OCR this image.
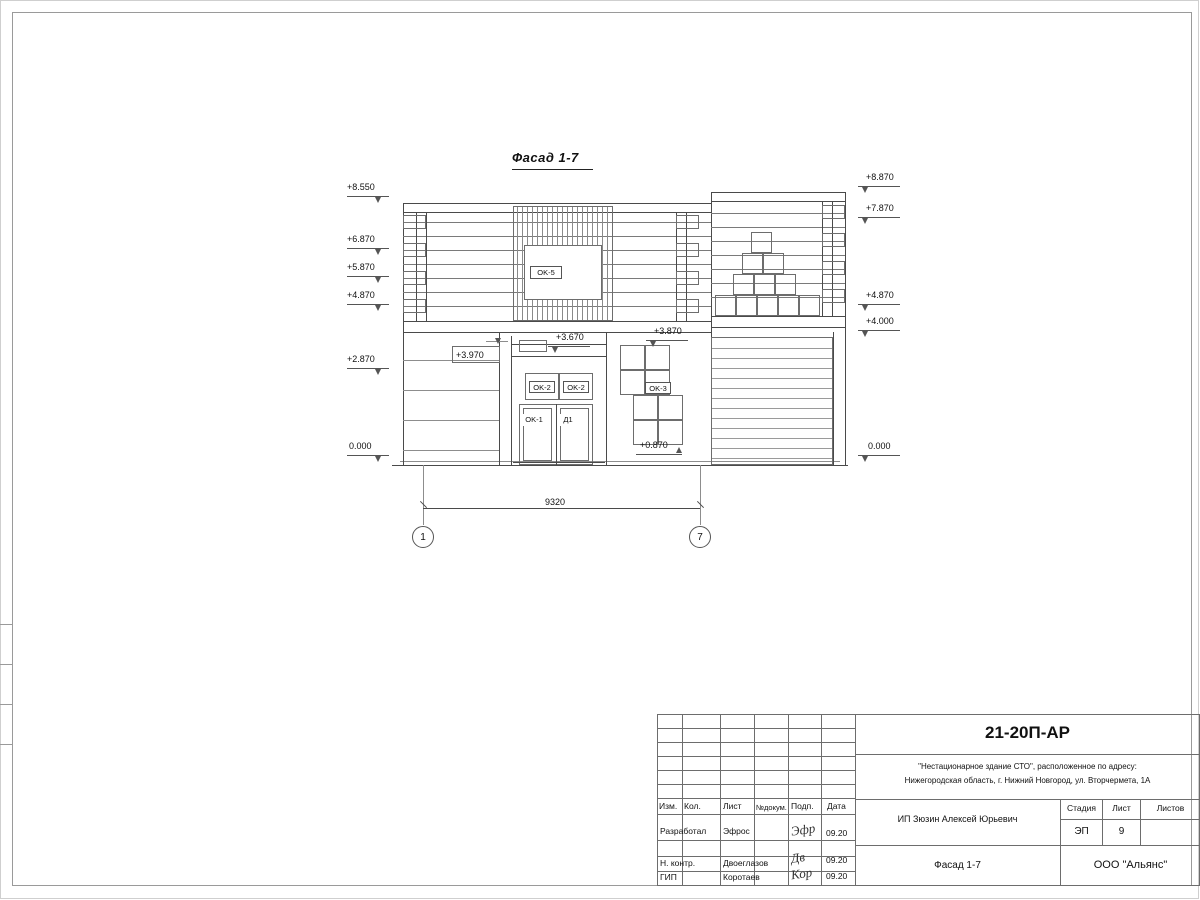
Фасад 1-7
OK-5
OK-2	OK-2
OK-1	Д1
OK-3
+8.550
+6.870
+5.870
+4.870
+2.870
0.000
+8.870
+7.870
+4.870
+4.000
0.000
+3.970
+3.670
+3.870
+0.870
9320
1	7
Изм. Кол.	Лист №докум. Подп. Дата
Разработал Эфрос	Эфр 09.20
Н. контр.	Двоеглазов Дв 09.20
ГИП	Коротаев Кор 09.20
21-20П-АР
"Нестационарное здание СТО", расположенное по адресу:
Нижегородская область, г. Нижний Новгород, ул. Вторчермета, 1А
ИП Зюзин Алексей Юрьевич
Фасад 1-7
Стадия	Лист	Листов
ЭП	9
ООО "Альянс"
